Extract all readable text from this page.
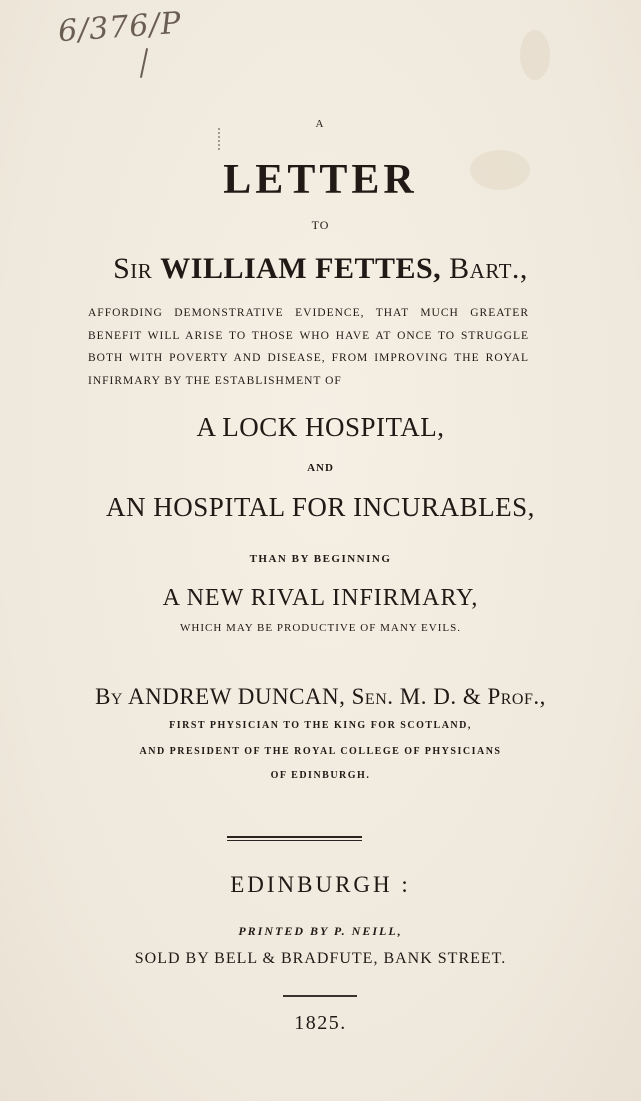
6/376/P
A
LETTER
TO
Sir WILLIAM FETTES, Bart.,
AFFORDING DEMONSTRATIVE EVIDENCE, THAT MUCH GREATER
BENEFIT WILL ARISE TO THOSE WHO HAVE AT ONCE TO STRUGGLE
BOTH WITH POVERTY AND DISEASE, FROM IMPROVING THE ROYAL
INFIRMARY BY THE ESTABLISHMENT OF
A LOCK HOSPITAL,
AND
AN HOSPITAL FOR INCURABLES,
THAN BY BEGINNING
A NEW RIVAL INFIRMARY,
WHICH MAY BE PRODUCTIVE OF MANY EVILS.
By ANDREW DUNCAN, Sen. M. D. & Prof.,
FIRST PHYSICIAN TO THE KING FOR SCOTLAND,
AND PRESIDENT OF THE ROYAL COLLEGE OF PHYSICIANS
OF EDINBURGH.
EDINBURGH :
PRINTED BY P. NEILL,
SOLD BY BELL & BRADFUTE, BANK STREET.
1825.
